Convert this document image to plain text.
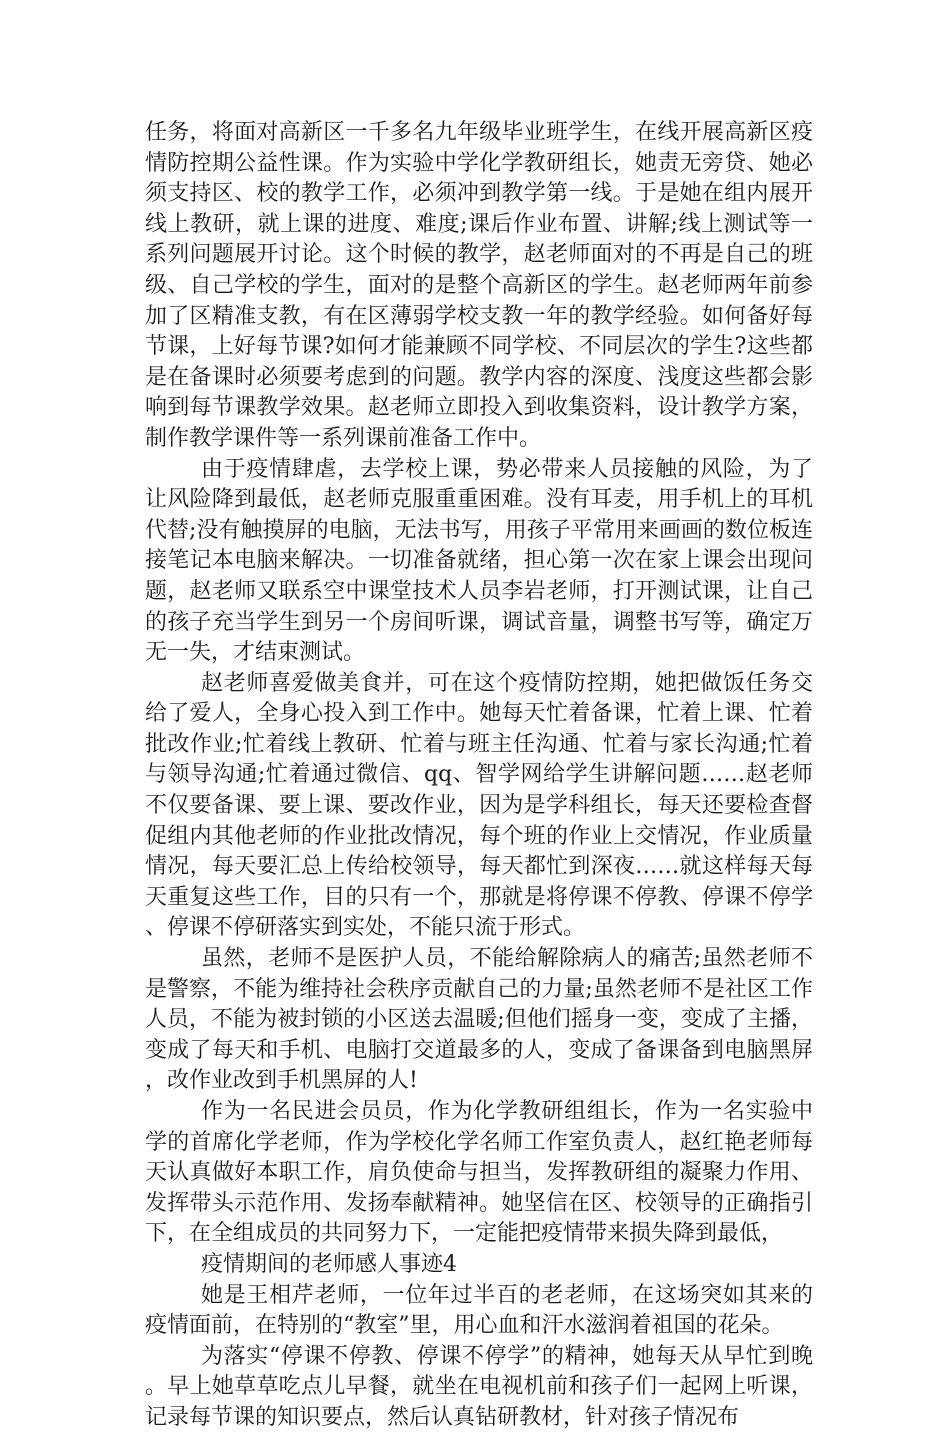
任务，将面对高新区一千多名九年级毕业班学生，在线开展高新区疫情防控期公益性课。作为实验中学化学教研组长，她责无旁贷、她必须支持区、校的教学工作，必须冲到教学第一线。于是她在组内展开线上教研，就上课的进度、难度;课后作业布置、讲解;线上测试等一系列问题展开讨论。这个时候的教学，赵老师面对的不再是自己的班级、自己学校的学生，面对的是整个高新区的学生。赵老师两年前参加了区精准支教，有在区薄弱学校支教一年的教学经验。如何备好每节课，上好每节课?如何才能兼顾不同学校、不同层次的学生?这些都是在备课时必须要考虑到的问题。教学内容的深度、浅度这些都会影响到每节课教学效果。赵老师立即投入到收集资料，设计教学方案，制作教学课件等一系列课前准备工作中。

由于疫情肆虐，去学校上课，势必带来人员接触的风险，为了让风险降到最低，赵老师克服重重困难。没有耳麦，用手机上的耳机代替;没有触摸屏的电脑，无法书写，用孩子平常用来画画的数位板连接笔记本电脑来解决。一切准备就绪，担心第一次在家上课会出现问题，赵老师又联系空中课堂技术人员李岩老师，打开测试课，让自己的孩子充当学生到另一个房间听课，调试音量，调整书写等，确定万无一失，才结束测试。

赵老师喜爱做美食并，可在这个疫情防控期，她把做饭任务交给了爱人，全身心投入到工作中。她每天忙着备课，忙着上课、忙着批改作业;忙着线上教研、忙着与班主任沟通、忙着与家长沟通;忙着与领导沟通;忙着通过微信、qq、智学网给学生讲解问题……赵老师不仅要备课、要上课、要改作业，因为是学科组长，每天还要检查督促组内其他老师的作业批改情况，每个班的作业上交情况，作业质量情况，每天要汇总上传给校领导，每天都忙到深夜……就这样每天每天重复这些工作，目的只有一个，那就是将停课不停教、停课不停学、停课不停研落实到实处，不能只流于形式。

虽然，老师不是医护人员，不能给解除病人的痛苦;虽然老师不是警察，不能为维持社会秩序贡献自己的力量;虽然老师不是社区工作人员，不能为被封锁的小区送去温暖;但他们摇身一变，变成了主播，变成了每天和手机、电脑打交道最多的人，变成了备课备到电脑黑屏，改作业改到手机黑屏的人!

作为一名民进会员员，作为化学教研组组长，作为一名实验中学的首席化学老师，作为学校化学名师工作室负责人，赵红艳老师每天认真做好本职工作，肩负使命与担当，发挥教研组的凝聚力作用、发挥带头示范作用、发扬奉献精神。她坚信在区、校领导的正确指引下，在全组成员的共同努力下，一定能把疫情带来损失降到最低，

疫情期间的老师感人事迹4

她是王相芹老师，一位年过半百的老老师，在这场突如其来的疫情面前，在特别的“教室”里，用心血和汗水滋润着祖国的花朵。

为落实“停课不停教、停课不停学”的精神，她每天从早忙到晚。早上她草草吃点儿早餐，就坐在电视机前和孩子们一起网上听课，记录每节课的知识要点，然后认真钻研教材，针对孩子情况布
